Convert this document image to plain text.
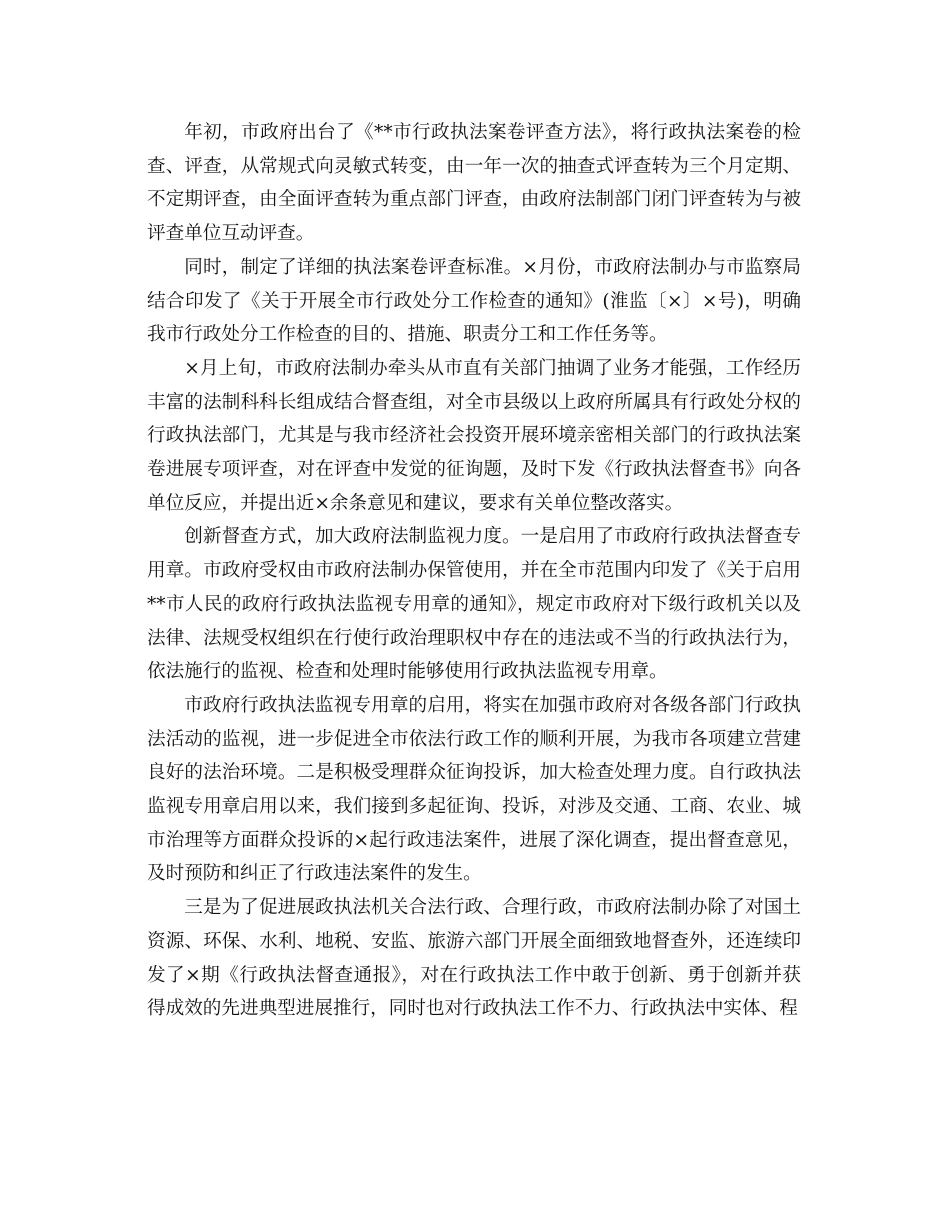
年初，市政府出台了《**市行政执法案卷评查方法》，将行政执法案卷的检查、评查，从常规式向灵敏式转变，由一年一次的抽查式评查转为三个月定期、不定期评查，由全面评查转为重点部门评查，由政府法制部门闭门评查转为与被评查单位互动评查。

同时，制定了详细的执法案卷评查标准。×月份，市政府法制办与市监察局结合印发了《关于开展全市行政处分工作检查的通知》(淮监〔×〕×号)，明确我市行政处分工作检查的目的、措施、职责分工和工作任务等。

×月上旬，市政府法制办牵头从市直有关部门抽调了业务才能强，工作经历丰富的法制科科长组成结合督查组，对全市县级以上政府所属具有行政处分权的行政执法部门，尤其是与我市经济社会投资开展环境亲密相关部门的行政执法案卷进展专项评查，对在评查中发觉的征询题，及时下发《行政执法督查书》向各单位反应，并提出近×余条意见和建议，要求有关单位整改落实。

创新督查方式，加大政府法制监视力度。一是启用了市政府行政执法督查专用章。市政府受权由市政府法制办保管使用，并在全市范围内印发了《关于启用**市人民的政府行政执法监视专用章的通知》，规定市政府对下级行政机关以及法律、法规受权组织在行使行政治理职权中存在的违法或不当的行政执法行为，依法施行的监视、检查和处理时能够使用行政执法监视专用章。

市政府行政执法监视专用章的启用，将实在加强市政府对各级各部门行政执法活动的监视，进一步促进全市依法行政工作的顺利开展，为我市各项建立营建良好的法治环境。二是积极受理群众征询投诉，加大检查处理力度。自行政执法监视专用章启用以来，我们接到多起征询、投诉，对涉及交通、工商、农业、城市治理等方面群众投诉的×起行政违法案件，进展了深化调查，提出督查意见，及时预防和纠正了行政违法案件的发生。

三是为了促进展政执法机关合法行政、合理行政，市政府法制办除了对国土资源、环保、水利、地税、安监、旅游六部门开展全面细致地督查外，还连续印发了×期《行政执法督查通报》，对在行政执法工作中敢于创新、勇于创新并获得成效的先进典型进展推行，同时也对行政执法工作不力、行政执法中实体、程
